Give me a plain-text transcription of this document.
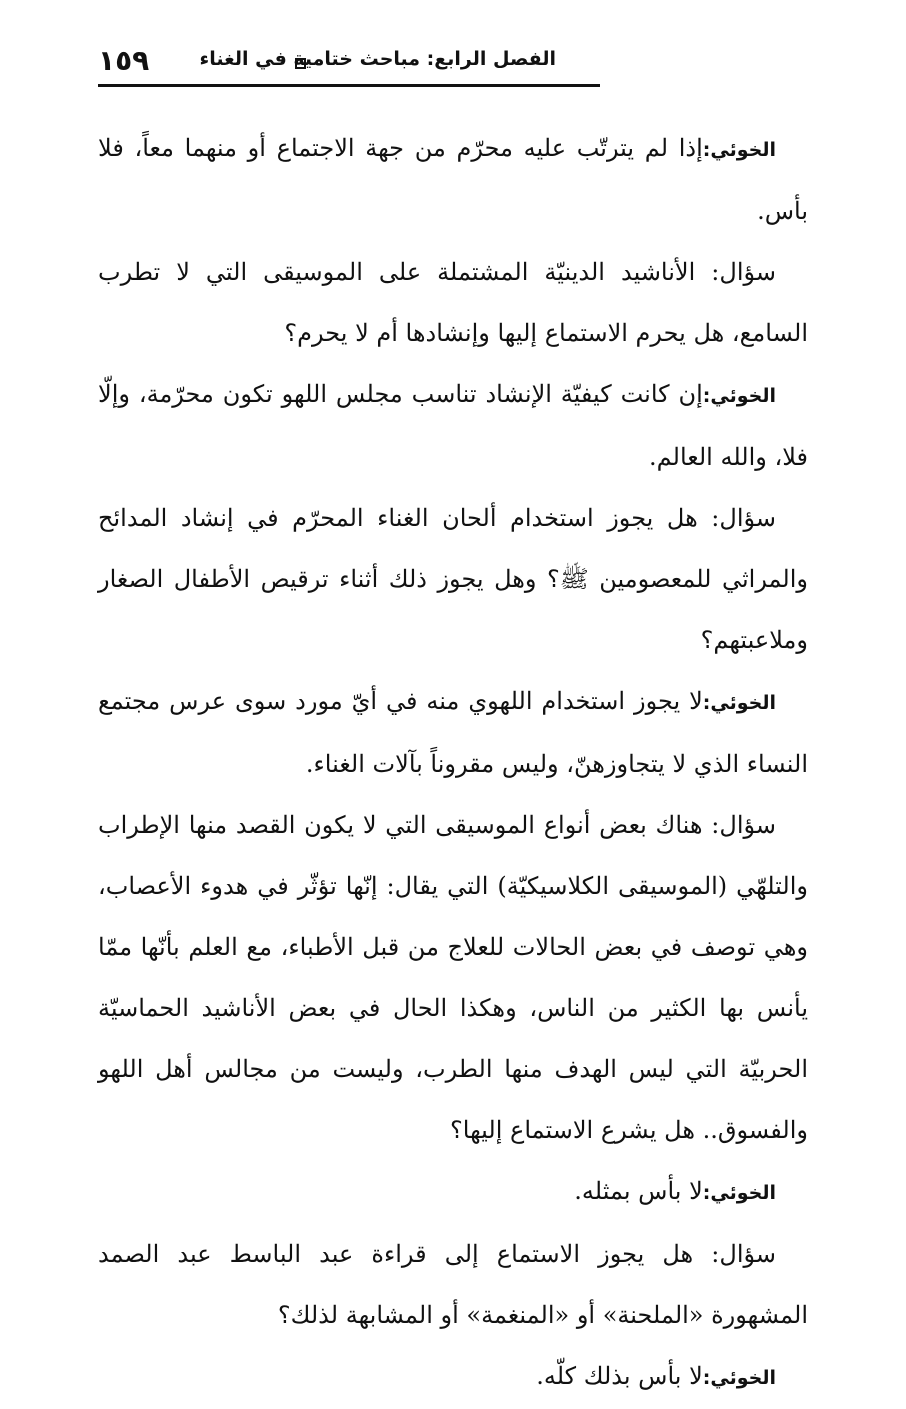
١٥٩	الفصل الرابع: مباحث ختامية في الغناء

الخوئي:إذا لم يترتّب عليه محرّم من جهة الاجتماع أو منهما معاً، فلا بأس.

سؤال: الأناشيد الدينيّة المشتملة على الموسيقى التي لا تطرب السامع، هل يحرم الاستماع إليها وإنشادها أم لا يحرم؟

الخوئي:إن كانت كيفيّة الإنشاد تناسب مجلس اللهو تكون محرّمة، وإلّا فلا، والله العالم.

سؤال: هل يجوز استخدام ألحان الغناء المحرّم في إنشاد المدائح والمراثي للمعصومين ﷺ؟ وهل يجوز ذلك أثناء ترقيص الأطفال الصغار وملاعبتهم؟

الخوئي:لا يجوز استخدام اللهوي منه في أيّ مورد سوى عرس مجتمع النساء الذي لا يتجاوزهنّ، وليس مقروناً بآلات الغناء.

سؤال: هناك بعض أنواع الموسيقى التي لا يكون القصد منها الإطراب والتلهّي (الموسيقى الكلاسيكيّة) التي يقال: إنّها تؤثّر في هدوء الأعصاب، وهي توصف في بعض الحالات للعلاج من قبل الأطباء، مع العلم بأنّها ممّا يأنس بها الكثير من الناس، وهكذا الحال في بعض الأناشيد الحماسيّة الحربيّة التي ليس الهدف منها الطرب، وليست من مجالس أهل اللهو والفسوق.. هل يشرع الاستماع إليها؟

الخوئي:لا بأس بمثله.

سؤال: هل يجوز الاستماع إلى قراءة عبد الباسط عبد الصمد المشهورة «الملحنة» أو «المنغمة» أو المشابهة لذلك؟

الخوئي:لا بأس بذلك كلّه.
